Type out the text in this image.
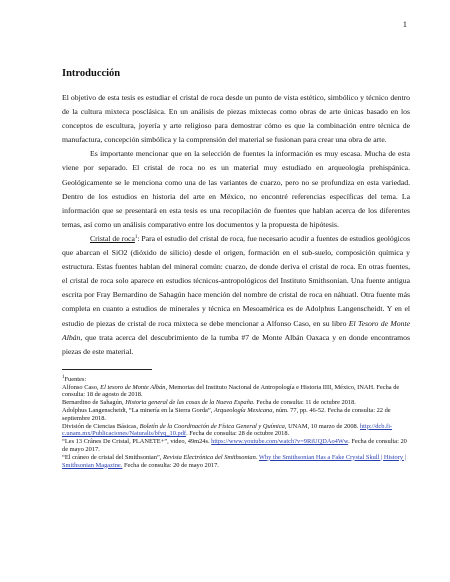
1
Introducción

El objetivo de esta tesis es estudiar el cristal de roca desde un punto de vista estético, simbólico y técnico dentro de la cultura mixteca posclásica. En un análisis de piezas mixtecas como obras de arte únicas basado en los conceptos de escultura, joyería y arte religioso para demostrar cómo es que la combinación entre técnica de manufactura, concepción simbólica y la comprensión del material se fusionan para crear una obra de arte.

Es importante mencionar que en la selección de fuentes la información es muy escasa. Mucha de esta viene por separado. El cristal de roca no es un material muy estudiado en arqueología prehispánica. Geológicamente se le menciona como una de las variantes de cuarzo, pero no se profundiza en esta variedad. Dentro de los estudios en historia del arte en México, no encontré referencias específicas del tema. La información que se presentará en esta tesis es una recopilación de fuentes que hablan acerca de los diferentes temas, así como un análisis comparativo entre los documentos y la propuesta de hipótesis.

Cristal de roca$^1$: Para el estudio del cristal de roca, fue necesario acudir a fuentes de estudios geológicos que abarcan el SiO2 (dióxido de silicio) desde el origen, formación en el sub-suelo, composición química y estructura. Estas fuentes hablan del mineral común: cuarzo, de donde deriva el cristal de roca. En otras fuentes, el cristal de roca solo aparece en estudios técnicos-antropológicos del Instituto Smithsonian. Una fuente antigua escrita por Fray Bernardino de Sahagún hace mención del nombre de cristal de roca en náhuatl. Otra fuente más completa en cuanto a estudios de minerales y técnica en Mesoamérica es de Adolphus Langenscheidt. Y en el estudio de piezas de cristal de roca mixteca se debe mencionar a Alfonso Caso, en su libro El Tesoro de Monte Albán, que trata acerca del descubrimiento de la tumba #7 de Monte Albán Oaxaca y en donde encontramos piezas de este material.

$^1$Fuentes:
Alfonso Caso, El tesoro de Monte Albán, Memorias del Instituto Nacional de Antropología e Historia IIII, México, INAH. Fecha de consulta: 18 de agosto de 2018.
Bernardino de Sahagún, Historia general de las cosas de la Nueva España. Fecha de consulta: 11 de octubre 2018.
Adolphus Langenscheidt, “La minería en la Sierra Gorda”, Arqueología Mexicana, núm. 77, pp. 46-52. Fecha de consulta: 22 de septiembre 2018.
División de Ciencias Básicas, Boletín de la Coordinación de Física General y Química, UNAM, 10 marzo de 2008. http://dcb.fi-c.unam.mx/Publicaciones/Naturalis/bfyq_10.pdf. Fecha de consulta: 28 de octubre 2018.
“Les 13 Crânes De Cristal, PLANETE+”, video, 49m24s. https://www.youtube.com/watch?v=9RiUQDAo4Ww. Fecha de consulta: 20 de mayo 2017.
“El cráneo de cristal del Smithsonian”, Revista Electrónica del Smithsonian. Why the Smithsonian Has a Fake Crystal Skull | History | Smithsonian Magazine. Fecha de consulta: 20 de mayo 2017.
